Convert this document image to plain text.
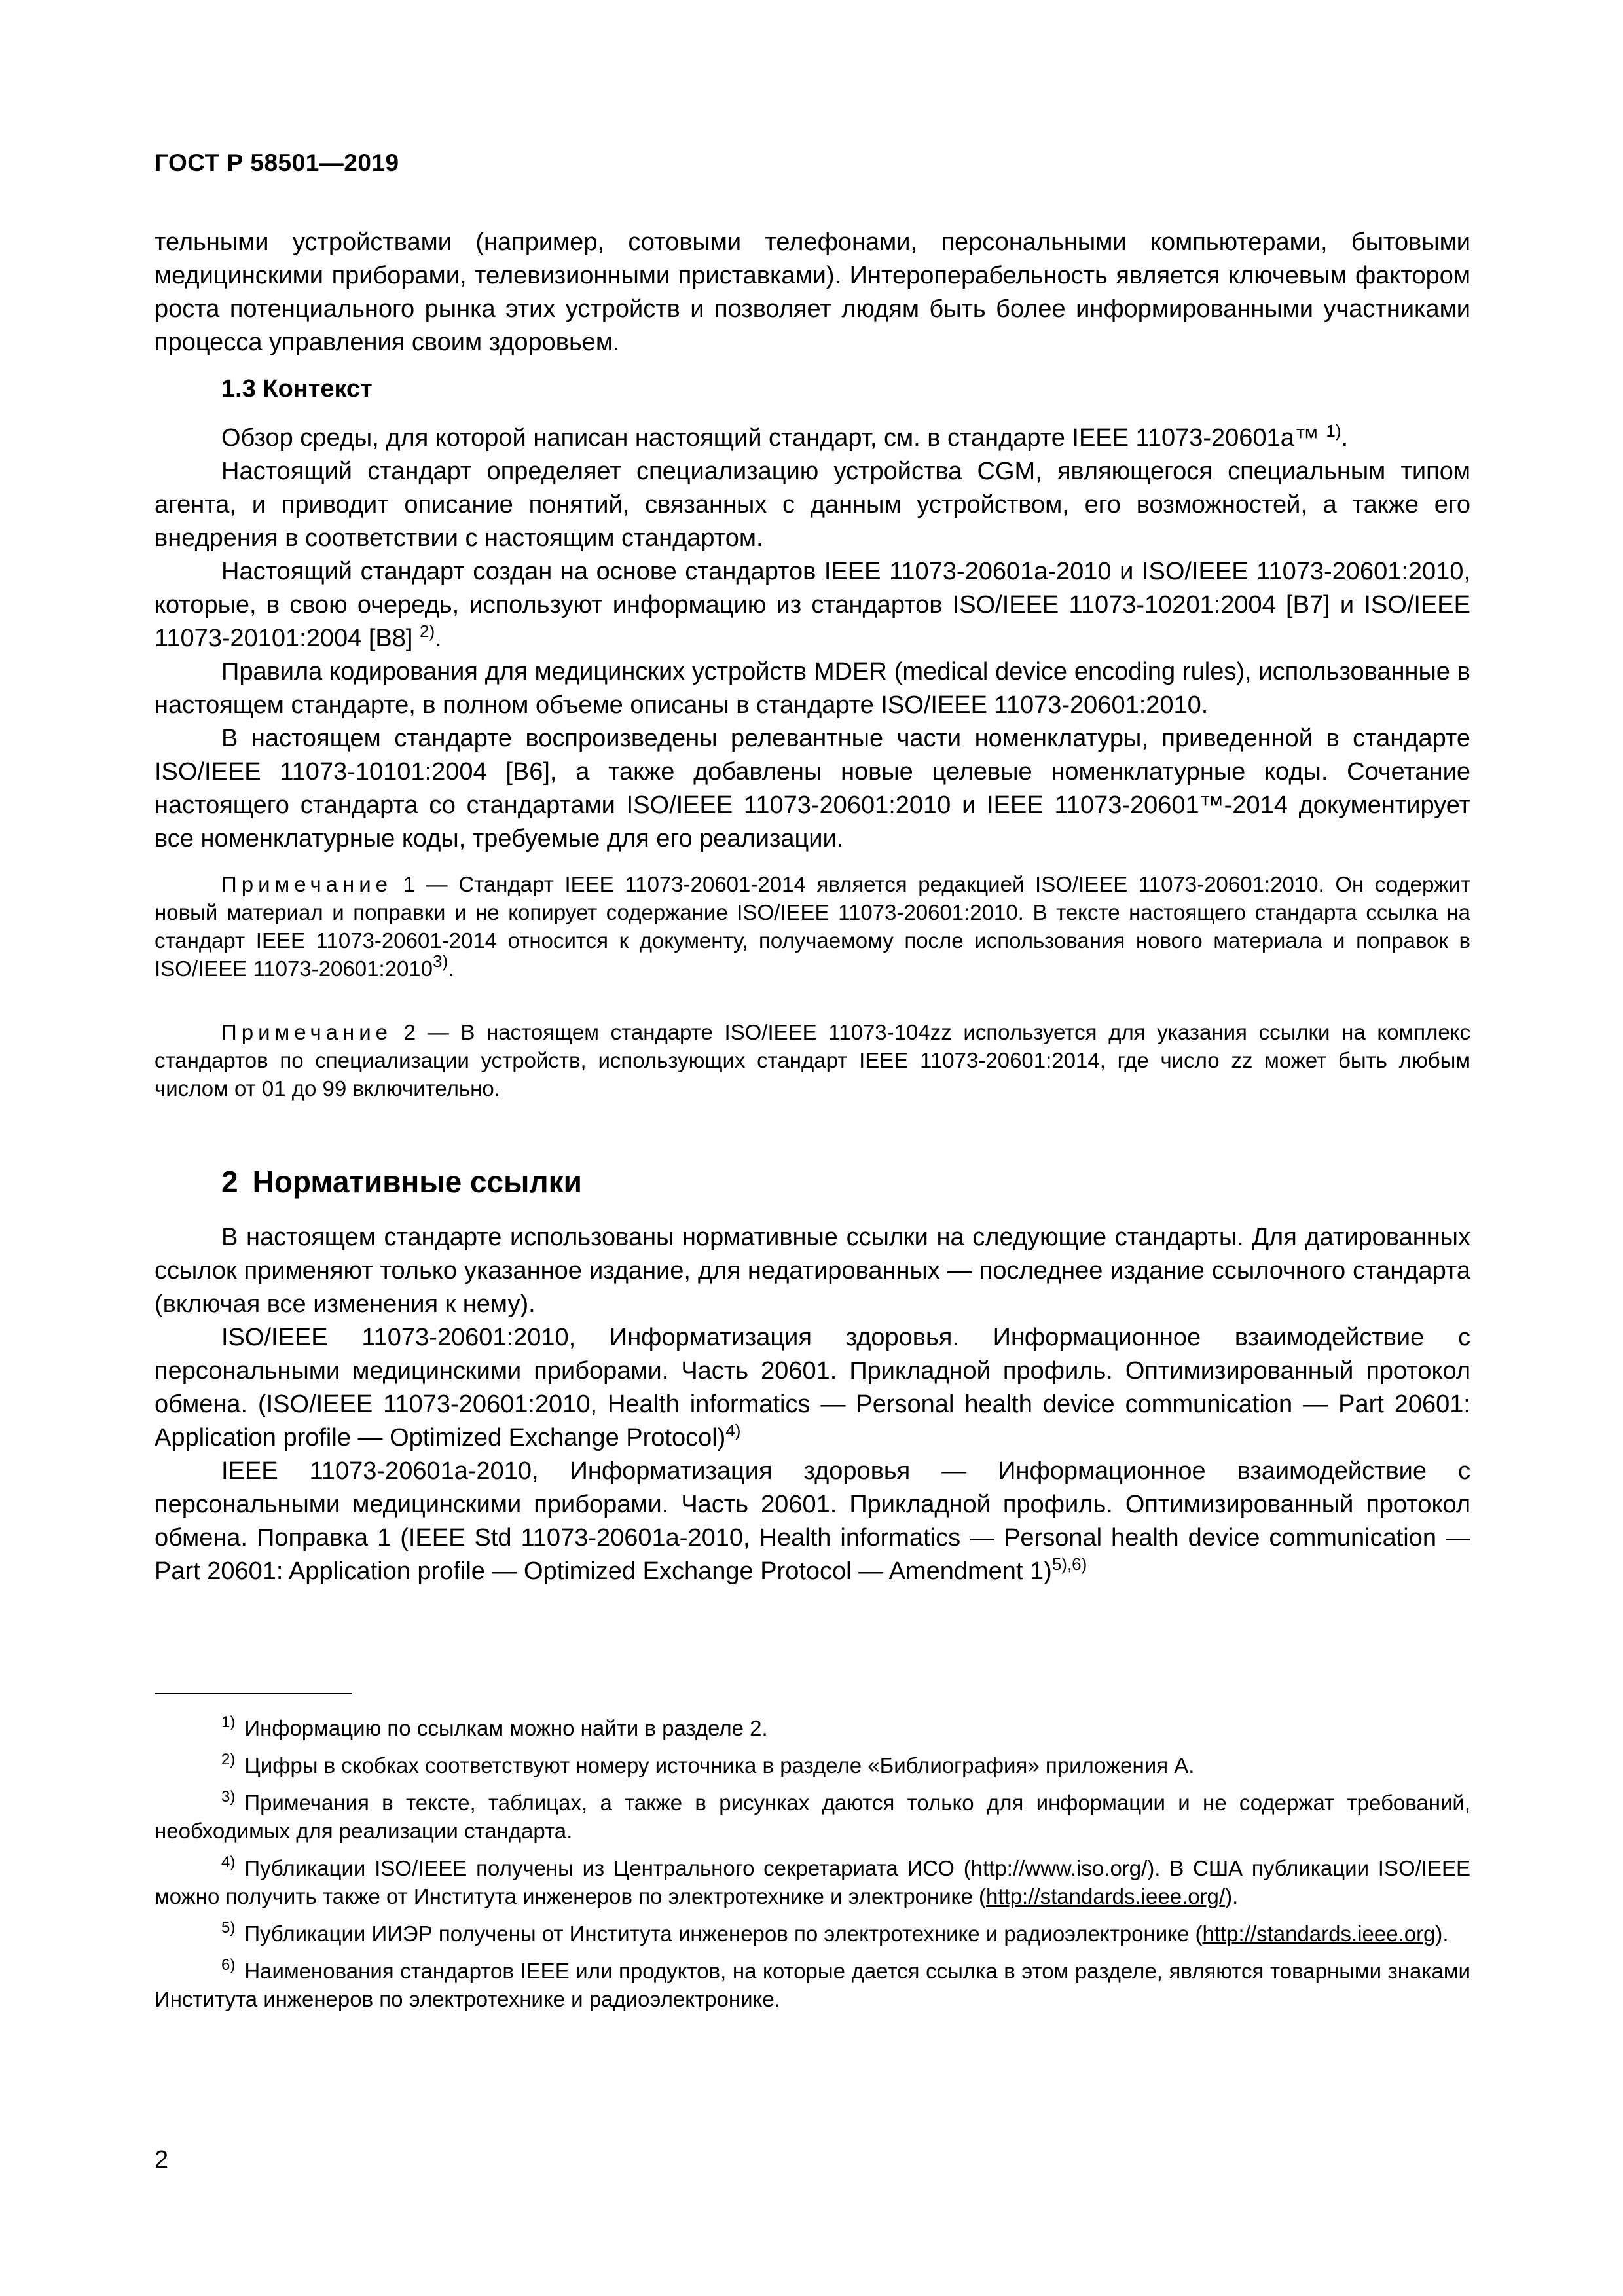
ГОСТ Р 58501—2019

тельными устройствами (например, сотовыми телефонами, персональными компьютерами, бытовыми медицинскими приборами, телевизионными приставками). Интероперабельность является ключевым фактором роста потенциального рынка этих устройств и позволяет людям быть более информированными участниками процесса управления своим здоровьем.

1.3 Контекст

Обзор среды, для которой написан настоящий стандарт, см. в стандарте IEEE 11073-20601a™ $^{1)}$.

Настоящий стандарт определяет специализацию устройства CGM, являющегося специальным типом агента, и приводит описание понятий, связанных с данным устройством, его возможностей, а также его внедрения в соответствии с настоящим стандартом.

Настоящий стандарт создан на основе стандартов IEEE 11073-20601a-2010 и ISO/IEEE 11073-20601:2010, которые, в свою очередь, используют информацию из стандартов ISO/IEEE 11073-10201:2004 [B7] и ISO/IEEE 11073-20101:2004 [B8] $^{2)}$.

Правила кодирования для медицинских устройств MDER (medical device encoding rules), использованные в настоящем стандарте, в полном объеме описаны в стандарте ISO/IEEE 11073-20601:2010.

В настоящем стандарте воспроизведены релевантные части номенклатуры, приведенной в стандарте ISO/IEEE 11073-10101:2004 [B6], а также добавлены новые целевые номенклатурные коды. Сочетание настоящего стандарта со стандартами ISO/IEEE 11073-20601:2010 и IEEE 11073-20601™-2014 документирует все номенклатурные коды, требуемые для его реализации.

Примечание 1 — Стандарт IEEE 11073-20601-2014 является редакцией ISO/IEEE 11073-20601:2010. Он содержит новый материал и поправки и не копирует содержание ISO/IEEE 11073-20601:2010. В тексте настоящего стандарта ссылка на стандарт IEEE 11073-20601-2014 относится к документу, получаемому после использования нового материала и поправок в ISO/IEEE 11073-20601:2010$^{3)}$.

Примечание 2 — В настоящем стандарте ISO/IEEE 11073-104zz используется для указания ссылки на комплекс стандартов по специализации устройств, использующих стандарт IEEE 11073-20601:2014, где число zz может быть любым числом от 01 до 99 включительно.

2 Нормативные ссылки

В настоящем стандарте использованы нормативные ссылки на следующие стандарты. Для датированных ссылок применяют только указанное издание, для недатированных — последнее издание ссылочного стандарта (включая все изменения к нему).

ISO/IEEE 11073-20601:2010, Информатизация здоровья. Информационное взаимодействие с персональными медицинскими приборами. Часть 20601. Прикладной профиль. Оптимизированный протокол обмена. (ISO/IEEE 11073-20601:2010, Health informatics — Personal health device communication — Part 20601: Application profile — Optimized Exchange Protocol)$^{4)}$

IEEE 11073-20601a-2010, Информатизация здоровья — Информационное взаимодействие с персональными медицинскими приборами. Часть 20601. Прикладной профиль. Оптимизированный протокол обмена. Поправка 1 (IEEE Std 11073-20601a-2010, Health informatics — Personal health device communication — Part 20601: Application profile — Optimized Exchange Protocol — Amendment 1)$^{5),6)}$

$^{1)}$ Информацию по ссылкам можно найти в разделе 2.

$^{2)}$ Цифры в скобках соответствуют номеру источника в разделе «Библиография» приложения А.

$^{3)}$ Примечания в тексте, таблицах, а также в рисунках даются только для информации и не содержат требований, необходимых для реализации стандарта.

$^{4)}$ Публикации ISO/IEEE получены из Центрального секретариата ИСО (http://www.iso.org/). В США публикации ISO/IEEE можно получить также от Института инженеров по электротехнике и электронике (http://standards.ieee.org/).

$^{5)}$ Публикации ИИЭР получены от Института инженеров по электротехнике и радиоэлектронике (http://standards.ieee.org).

$^{6)}$ Наименования стандартов IEEE или продуктов, на которые дается ссылка в этом разделе, являются товарными знаками Института инженеров по электротехнике и радиоэлектронике.

2
